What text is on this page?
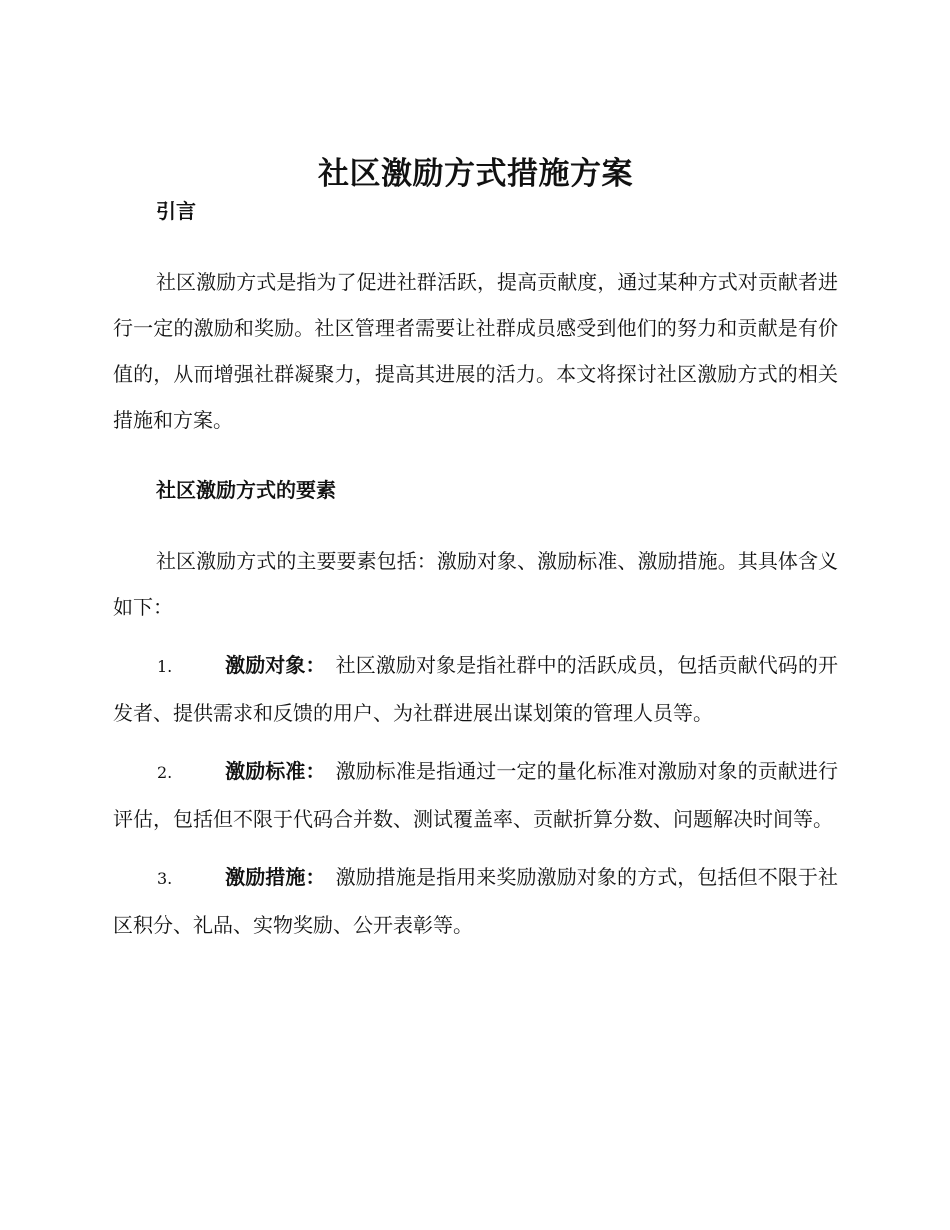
社区激励方式措施方案
引言

社区激励方式是指为了促进社群活跃，提高贡献度，通过某种方式对贡献者进行一定的激励和奖励。社区管理者需要让社群成员感受到他们的努力和贡献是有价值的，从而增强社群凝聚力，提高其进展的活力。本文将探讨社区激励方式的相关措施和方案。

社区激励方式的要素

社区激励方式的主要要素包括：激励对象、激励标准、激励措施。其具体含义如下：

1.	激励对象： 社区激励对象是指社群中的活跃成员，包括贡献代码的开发者、提供需求和反馈的用户、为社群进展出谋划策的管理人员等。
2.	激励标准： 激励标准是指通过一定的量化标准对激励对象的贡献进行评估，包括但不限于代码合并数、测试覆盖率、贡献折算分数、问题解决时间等。
3.	激励措施： 激励措施是指用来奖励激励对象的方式，包括但不限于社区积分、礼品、实物奖励、公开表彰等。
